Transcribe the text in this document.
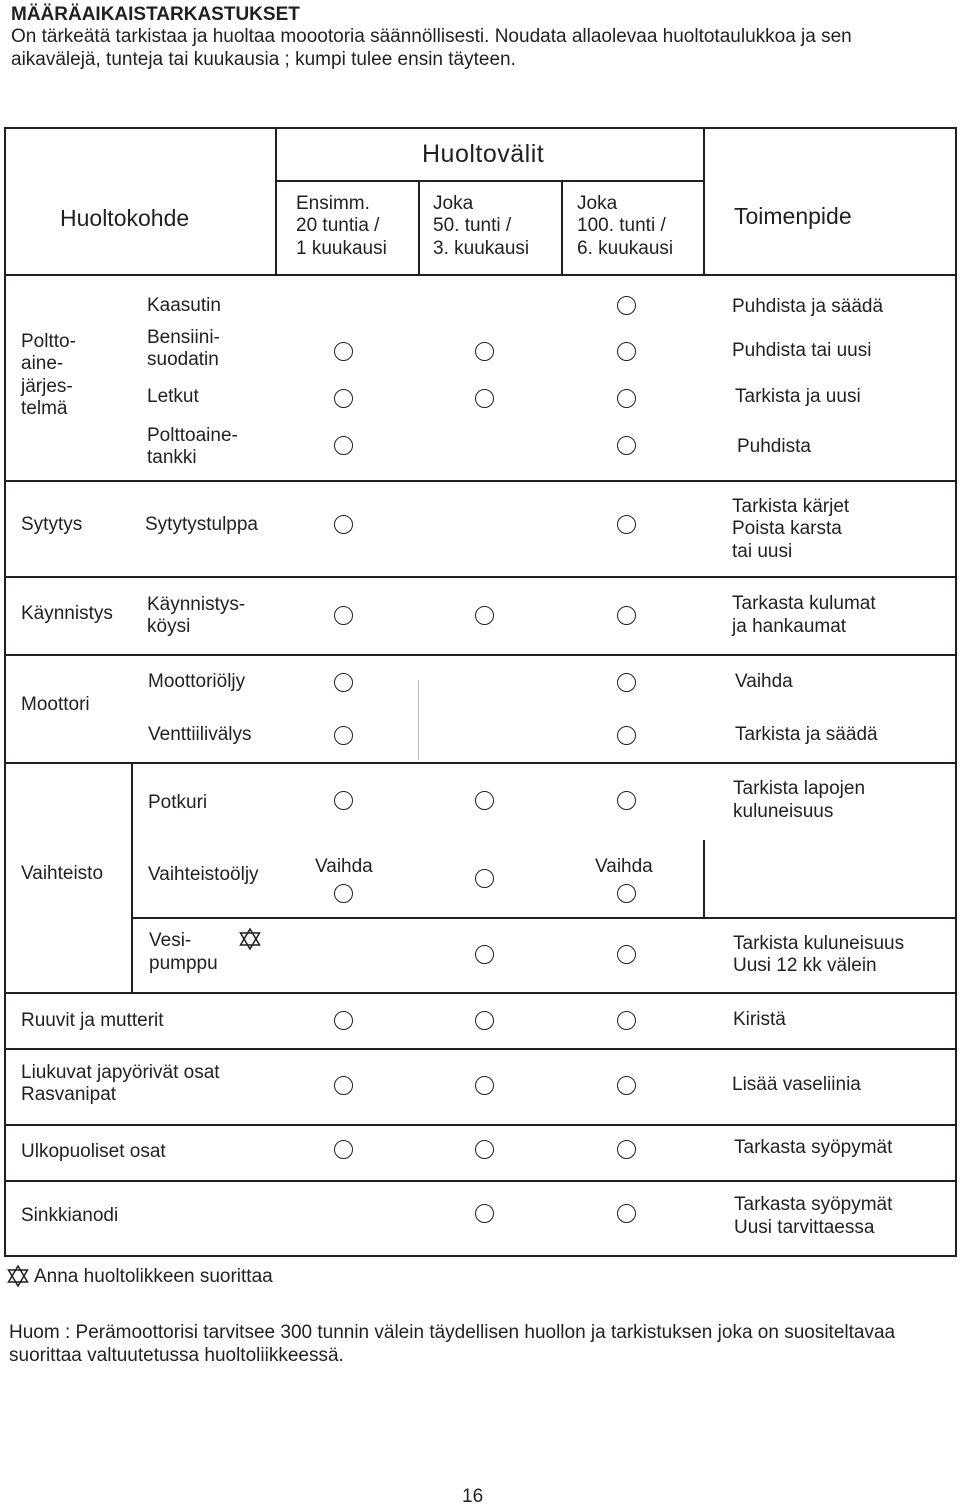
MÄÄRÄAIKAISTARKASTUKSET
On tärkeätä tarkistaa ja huoltaa moootoria säännöllisesti. Noudata allaolevaa huoltotaulukkoa ja sen
aikavälejä, tunteja tai kuukausia ; kumpi tulee ensin täyteen.
Huoltovälit
Huoltokohde	Toimenpide
Ensimm.
20 tuntia /
1 kuukausi
Joka
50. tunti /
3. kuukausi
Joka
100. tunti /
6. kuukausi
Poltto-
aine-
järjes-
telmä
Sytytys
Käynnistys
Moottori
Vaihteisto
Kaasutin
Bensiini-
suodatin
Letkut
Polttoaine-
tankki
Sytytystulppa
Käynnistys-
köysi
Moottoriöljy
Venttiilivälys
Potkuri
Vaihteistoöljy
Vesi-
pumppu
Ruuvit ja mutterit
Liukuvat japyörivät osat
Rasvanipat
Ulkopuoliset osat
Sinkkianodi
Puhdista ja säädä
Puhdista tai uusi
Tarkista ja uusi
Puhdista
Tarkista kärjet
Poista karsta
tai uusi
Tarkasta kulumat
ja hankaumat
Vaihda
Tarkista ja säädä
Tarkista lapojen
kuluneisuus
Vaihda	Vaihda
Tarkista kuluneisuus
Uusi 12 kk välein
Kiristä
Lisää vaseliinia
Tarkasta syöpymät
Tarkasta syöpymät
Uusi tarvittaessa
Anna huoltolikkeen suorittaa
Huom : Perämoottorisi tarvitsee 300 tunnin välein täydellisen huollon ja tarkistuksen joka on suositeltavaa
suorittaa valtuutetussa huoltoliikkeessä.
16
